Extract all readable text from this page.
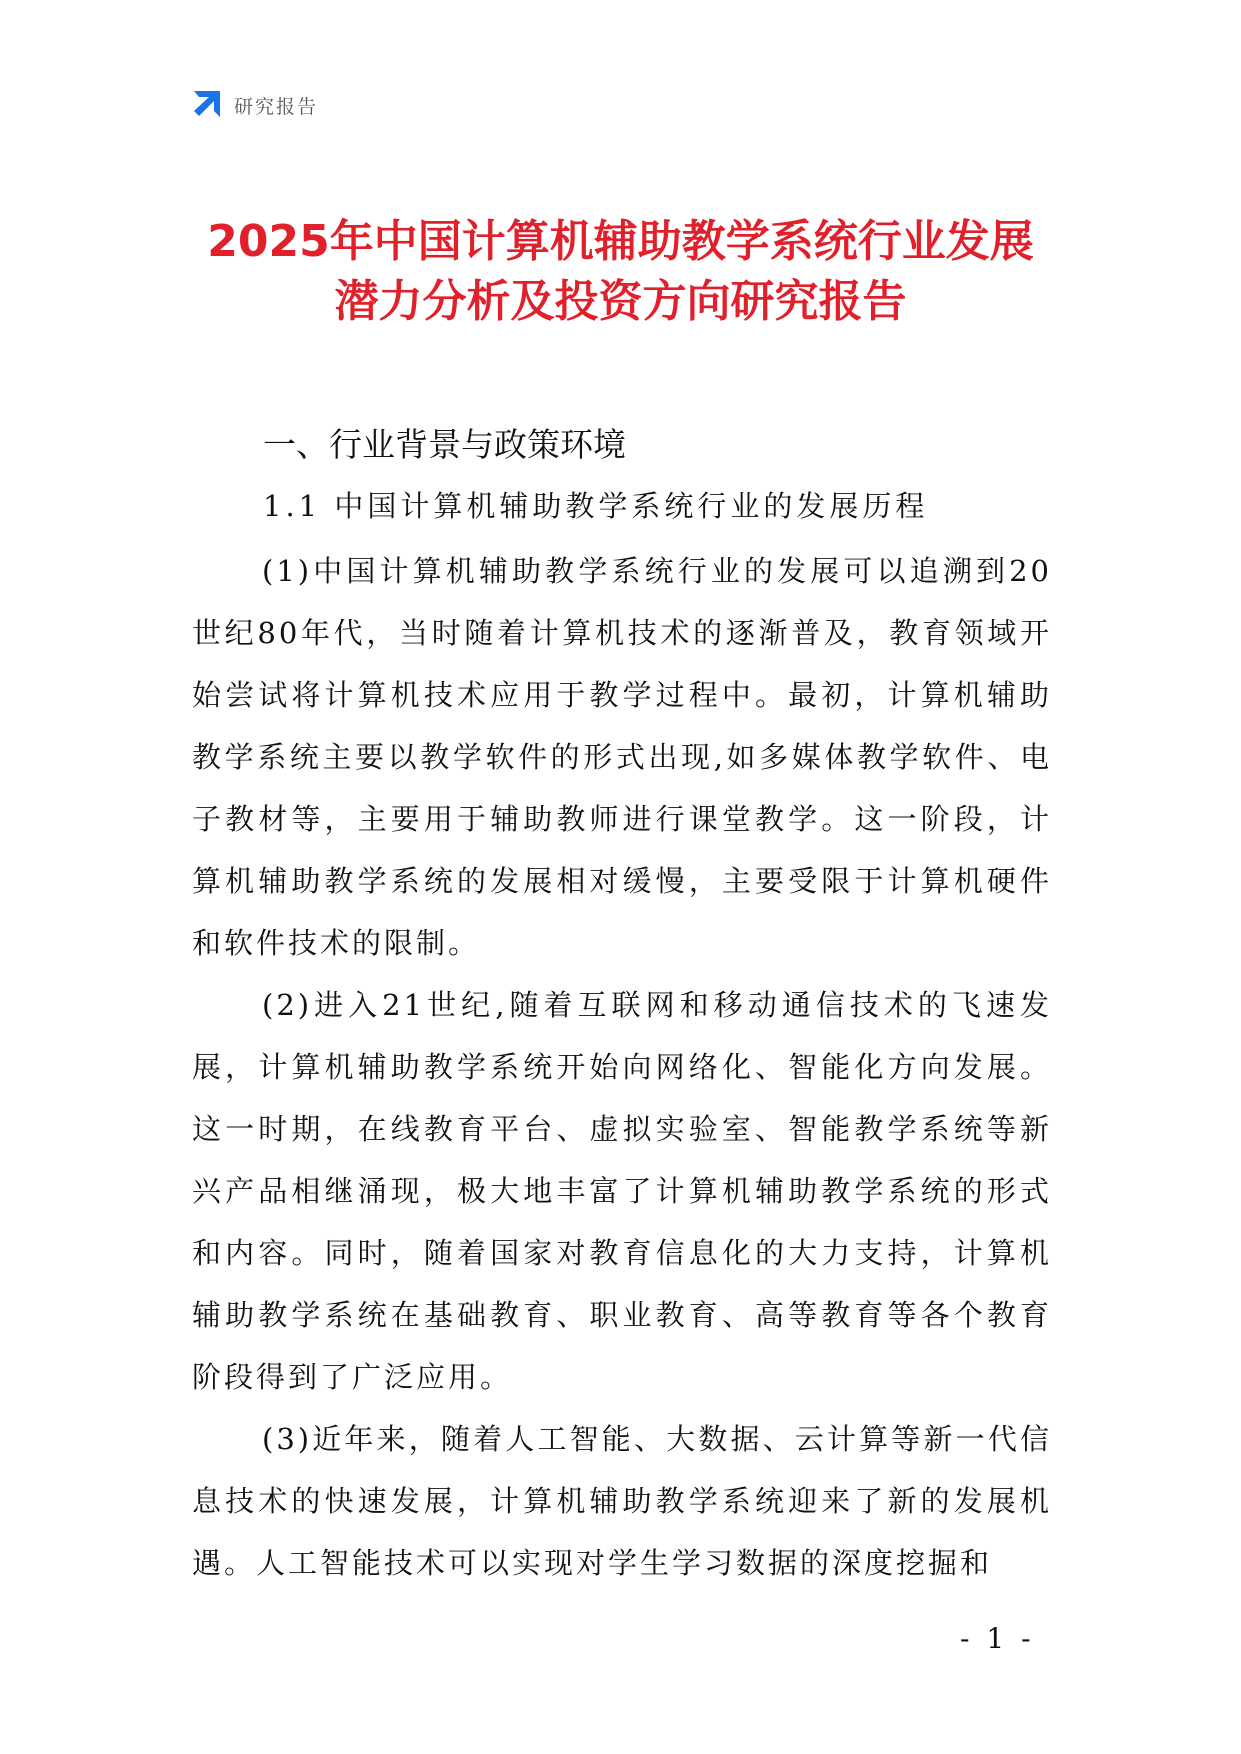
研究报告
2025年中国计算机辅助教学系统行业发展
潜力分析及投资方向研究报告
一、行业背景与政策环境
1.1 中国计算机辅助教学系统行业的发展历程

(1)中国计算机辅助教学系统行业的发展可以追溯到20世纪80年代，当时随着计算机技术的逐渐普及，教育领域开始尝试将计算机技术应用于教学过程中。最初，计算机辅助教学系统主要以教学软件的形式出现,如多媒体教学软件、电子教材等，主要用于辅助教师进行课堂教学。这一阶段，计算机辅助教学系统的发展相对缓慢，主要受限于计算机硬件和软件技术的限制。

(2)进入21世纪,随着互联网和移动通信技术的飞速发展，计算机辅助教学系统开始向网络化、智能化方向发展。这一时期，在线教育平台、虚拟实验室、智能教学系统等新兴产品相继涌现，极大地丰富了计算机辅助教学系统的形式和内容。同时，随着国家对教育信息化的大力支持，计算机辅助教学系统在基础教育、职业教育、高等教育等各个教育阶段得到了广泛应用。

(3)近年来，随着人工智能、大数据、云计算等新一代信息技术的快速发展，计算机辅助教学系统迎来了新的发展机遇。人工智能技术可以实现对学生学习数据的深度挖掘和

- 1 -
